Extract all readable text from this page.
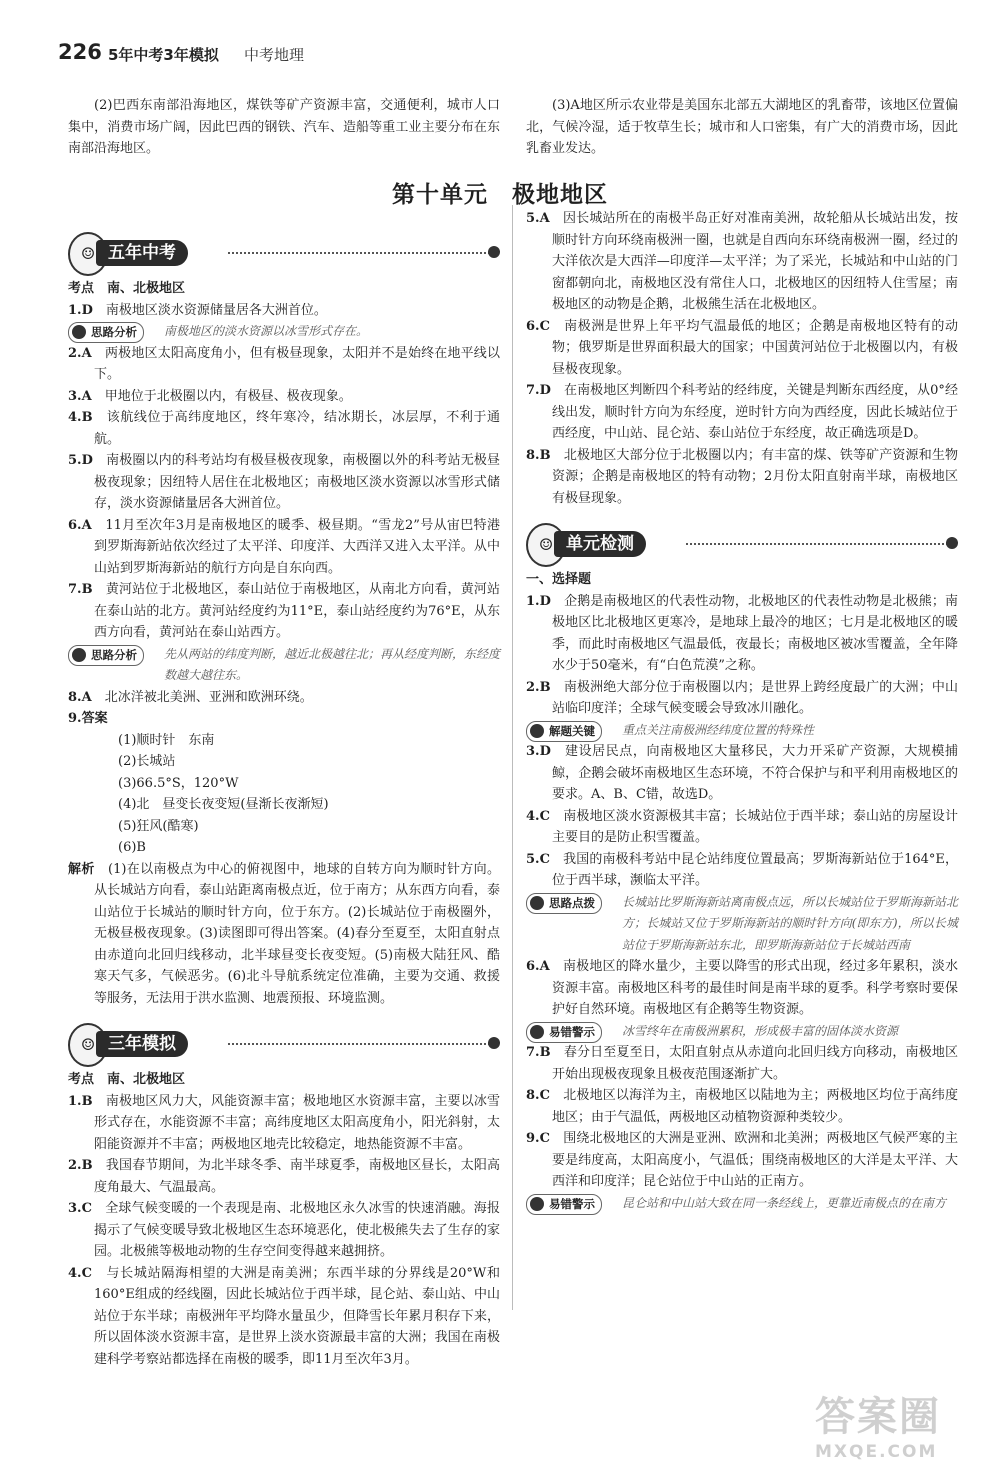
226 5年中考3年模拟 中考地理

(2)巴西东南部沿海地区，煤铁等矿产资源丰富，交通便利，城市人口集中，消费市场广阔，因此巴西的钢铁、汽车、造船等重工业主要分布在东南部沿海地区。

(3)A地区所示农业带是美国东北部五大湖地区的乳畜带，该地区位置偏北，气候冷湿，适于牧草生长；城市和人口密集，有广大的消费市场，因此乳畜业发达。

第十单元　极地地区
☺ 五年中考

考点　南、北极地区

1.D　 南极地区淡水资源储量居各大洲首位。

思路分析	南极地区的淡水资源以冰雪形式存在。

2.A　 两极地区太阳高度角小，但有极昼现象，太阳并不是始终在地平线以下。

3.A　 甲地位于北极圈以内，有极昼、极夜现象。

4.B　 该航线位于高纬度地区，终年寒冷，结冰期长，冰层厚，不利于通航。

5.D　 南极圈以内的科考站均有极昼极夜现象，南极圈以外的科考站无极昼极夜现象；因纽特人居住在北极地区；南极地区淡水资源以冰雪形式储存，淡水资源储量居各大洲首位。

6.A　 11月至次年3月是南极地区的暖季、极昼期。“雪龙2”号从宙巴特港到罗斯海新站依次经过了太平洋、印度洋、大西洋又进入太平洋。从中山站到罗斯海新站的航行方向是自东向西。

7.B　 黄河站位于北极地区，泰山站位于南极地区，从南北方向看，黄河站在泰山站的北方。黄河站经度约为11°E，泰山站经度约为76°E，从东西方向看，黄河站在泰山站西方。

思路分析	先从两站的纬度判断，越近北极越往北；再从经度判断，东经度数越大越往东。

8.A　 北冰洋被北美洲、亚洲和欧洲环绕。

9.答案

(1)顺时针　东南

(2)长城站

(3)66.5°S，120°W

(4)北　昼变长夜变短(昼渐长夜渐短)

(5)狂风(酷寒)

(6)B

解析　 (1)在以南极点为中心的俯视图中，地球的自转方向为顺时针方向。从长城站方向看，泰山站距离南极点近，位于南方；从东西方向看，泰山站位于长城站的顺时针方向，位于东方。(2)长城站位于南极圈外，无极昼极夜现象。(3)读图即可得出答案。(4)春分至夏至，太阳直射点由赤道向北回归线移动，北半球昼变长夜变短。(5)南极大陆狂风、酷寒天气多，气候恶劣。(6)北斗导航系统定位准确，主要为交通、救援等服务，无法用于洪水监测、地震预报、环境监测。

☺ 三年模拟

考点　南、北极地区

1.B　 南极地区风力大，风能资源丰富；极地地区水资源丰富，主要以冰雪形式存在，水能资源不丰富；高纬度地区太阳高度角小，阳光斜射，太阳能资源并不丰富；两极地区地壳比较稳定，地热能资源不丰富。

2.B　 我国春节期间，为北半球冬季、南半球夏季，南极地区昼长，太阳高度角最大、气温最高。

3.C　 全球气候变暖的一个表现是南、北极地区永久冰雪的快速消融。海报揭示了气候变暖导致北极地区生态环境恶化，使北极熊失去了生存的家园。北极熊等极地动物的生存空间变得越来越拥挤。

4.C　 与长城站隔海相望的大洲是南美洲；东西半球的分界线是20°W和160°E组成的经线圈，因此长城站位于西半球，昆仑站、泰山站、中山站位于东半球；南极洲年平均降水量虽少，但降雪长年累月积存下来，所以固体淡水资源丰富，是世界上淡水资源最丰富的大洲；我国在南极建科学考察站都选择在南极的暖季，即11月至次年3月。

5.A　 因长城站所在的南极半岛正好对准南美洲，故轮船从长城站出发，按顺时针方向环绕南极洲一圈，也就是自西向东环绕南极洲一圈，经过的大洋依次是大西洋—印度洋—太平洋；为了采光，长城站和中山站的门窗都朝向北，南极地区没有常住人口，北极地区的因纽特人住雪屋；南极地区的动物是企鹅，北极熊生活在北极地区。

6.C　 南极洲是世界上年平均气温最低的地区；企鹅是南极地区特有的动物；俄罗斯是世界面积最大的国家；中国黄河站位于北极圈以内，有极昼极夜现象。

7.D　 在南极地区判断四个科考站的经纬度，关键是判断东西经度，从0°经线出发，顺时针方向为东经度，逆时针方向为西经度，因此长城站位于西经度，中山站、昆仑站、泰山站位于东经度，故正确选项是D。

8.B　 北极地区大部分位于北极圈以内；有丰富的煤、铁等矿产资源和生物资源；企鹅是南极地区的特有动物；2月份太阳直射南半球，南极地区有极昼现象。

☺ 单元检测

一、选择题

1.D　 企鹅是南极地区的代表性动物，北极地区的代表性动物是北极熊；南极地区比北极地区更寒冷，是地球上最冷的地区；七月是北极地区的暖季，而此时南极地区气温最低，夜最长；南极地区被冰雪覆盖，全年降水少于50毫米，有“白色荒漠”之称。

2.B　 南极洲绝大部分位于南极圈以内；是世界上跨经度最广的大洲；中山站临印度洋；全球气候变暖会导致冰川融化。

解题关键	重点关注南极洲经纬度位置的特殊性

3.D　 建设居民点，向南极地区大量移民，大力开采矿产资源，大规模捕鲸，企鹅会破坏南极地区生态环境，不符合保护与和平利用南极地区的要求。A、B、C错，故选D。

4.C　 南极地区淡水资源极其丰富；长城站位于西半球；泰山站的房屋设计主要目的是防止积雪覆盖。

5.C　 我国的南极科考站中昆仑站纬度位置最高；罗斯海新站位于164°E，位于西半球，濒临太平洋。

思路点拨	长城站比罗斯海新站离南极点远，所以长城站位于罗斯海新站北方；长城站又位于罗斯海新站的顺时针方向(即东方)，所以长城站位于罗斯海新站东北，即罗斯海新站位于长城站西南

6.A　 南极地区的降水量少，主要以降雪的形式出现，经过多年累积，淡水资源丰富。南极地区科考的最佳时间是南半球的夏季。科学考察时要保护好自然环境。南极地区有企鹅等生物资源。

易错警示	冰雪终年在南极洲累积，形成极丰富的固体淡水资源

7.B　 春分日至夏至日，太阳直射点从赤道向北回归线方向移动，南极地区开始出现极夜现象且极夜范围逐渐扩大。

8.C　 北极地区以海洋为主，南极地区以陆地为主；两极地区均位于高纬度地区；由于气温低，两极地区动植物资源种类较少。

9.C　 围绕北极地区的大洲是亚洲、欧洲和北美洲；两极地区气候严寒的主要是纬度高，太阳高度小，气温低；围绕南极地区的大洋是太平洋、大西洋和印度洋；昆仑站位于中山站的正南方。

易错警示	昆仑站和中山站大致在同一条经线上，更靠近南极点的在南方

答案圈
MXQE.COM
